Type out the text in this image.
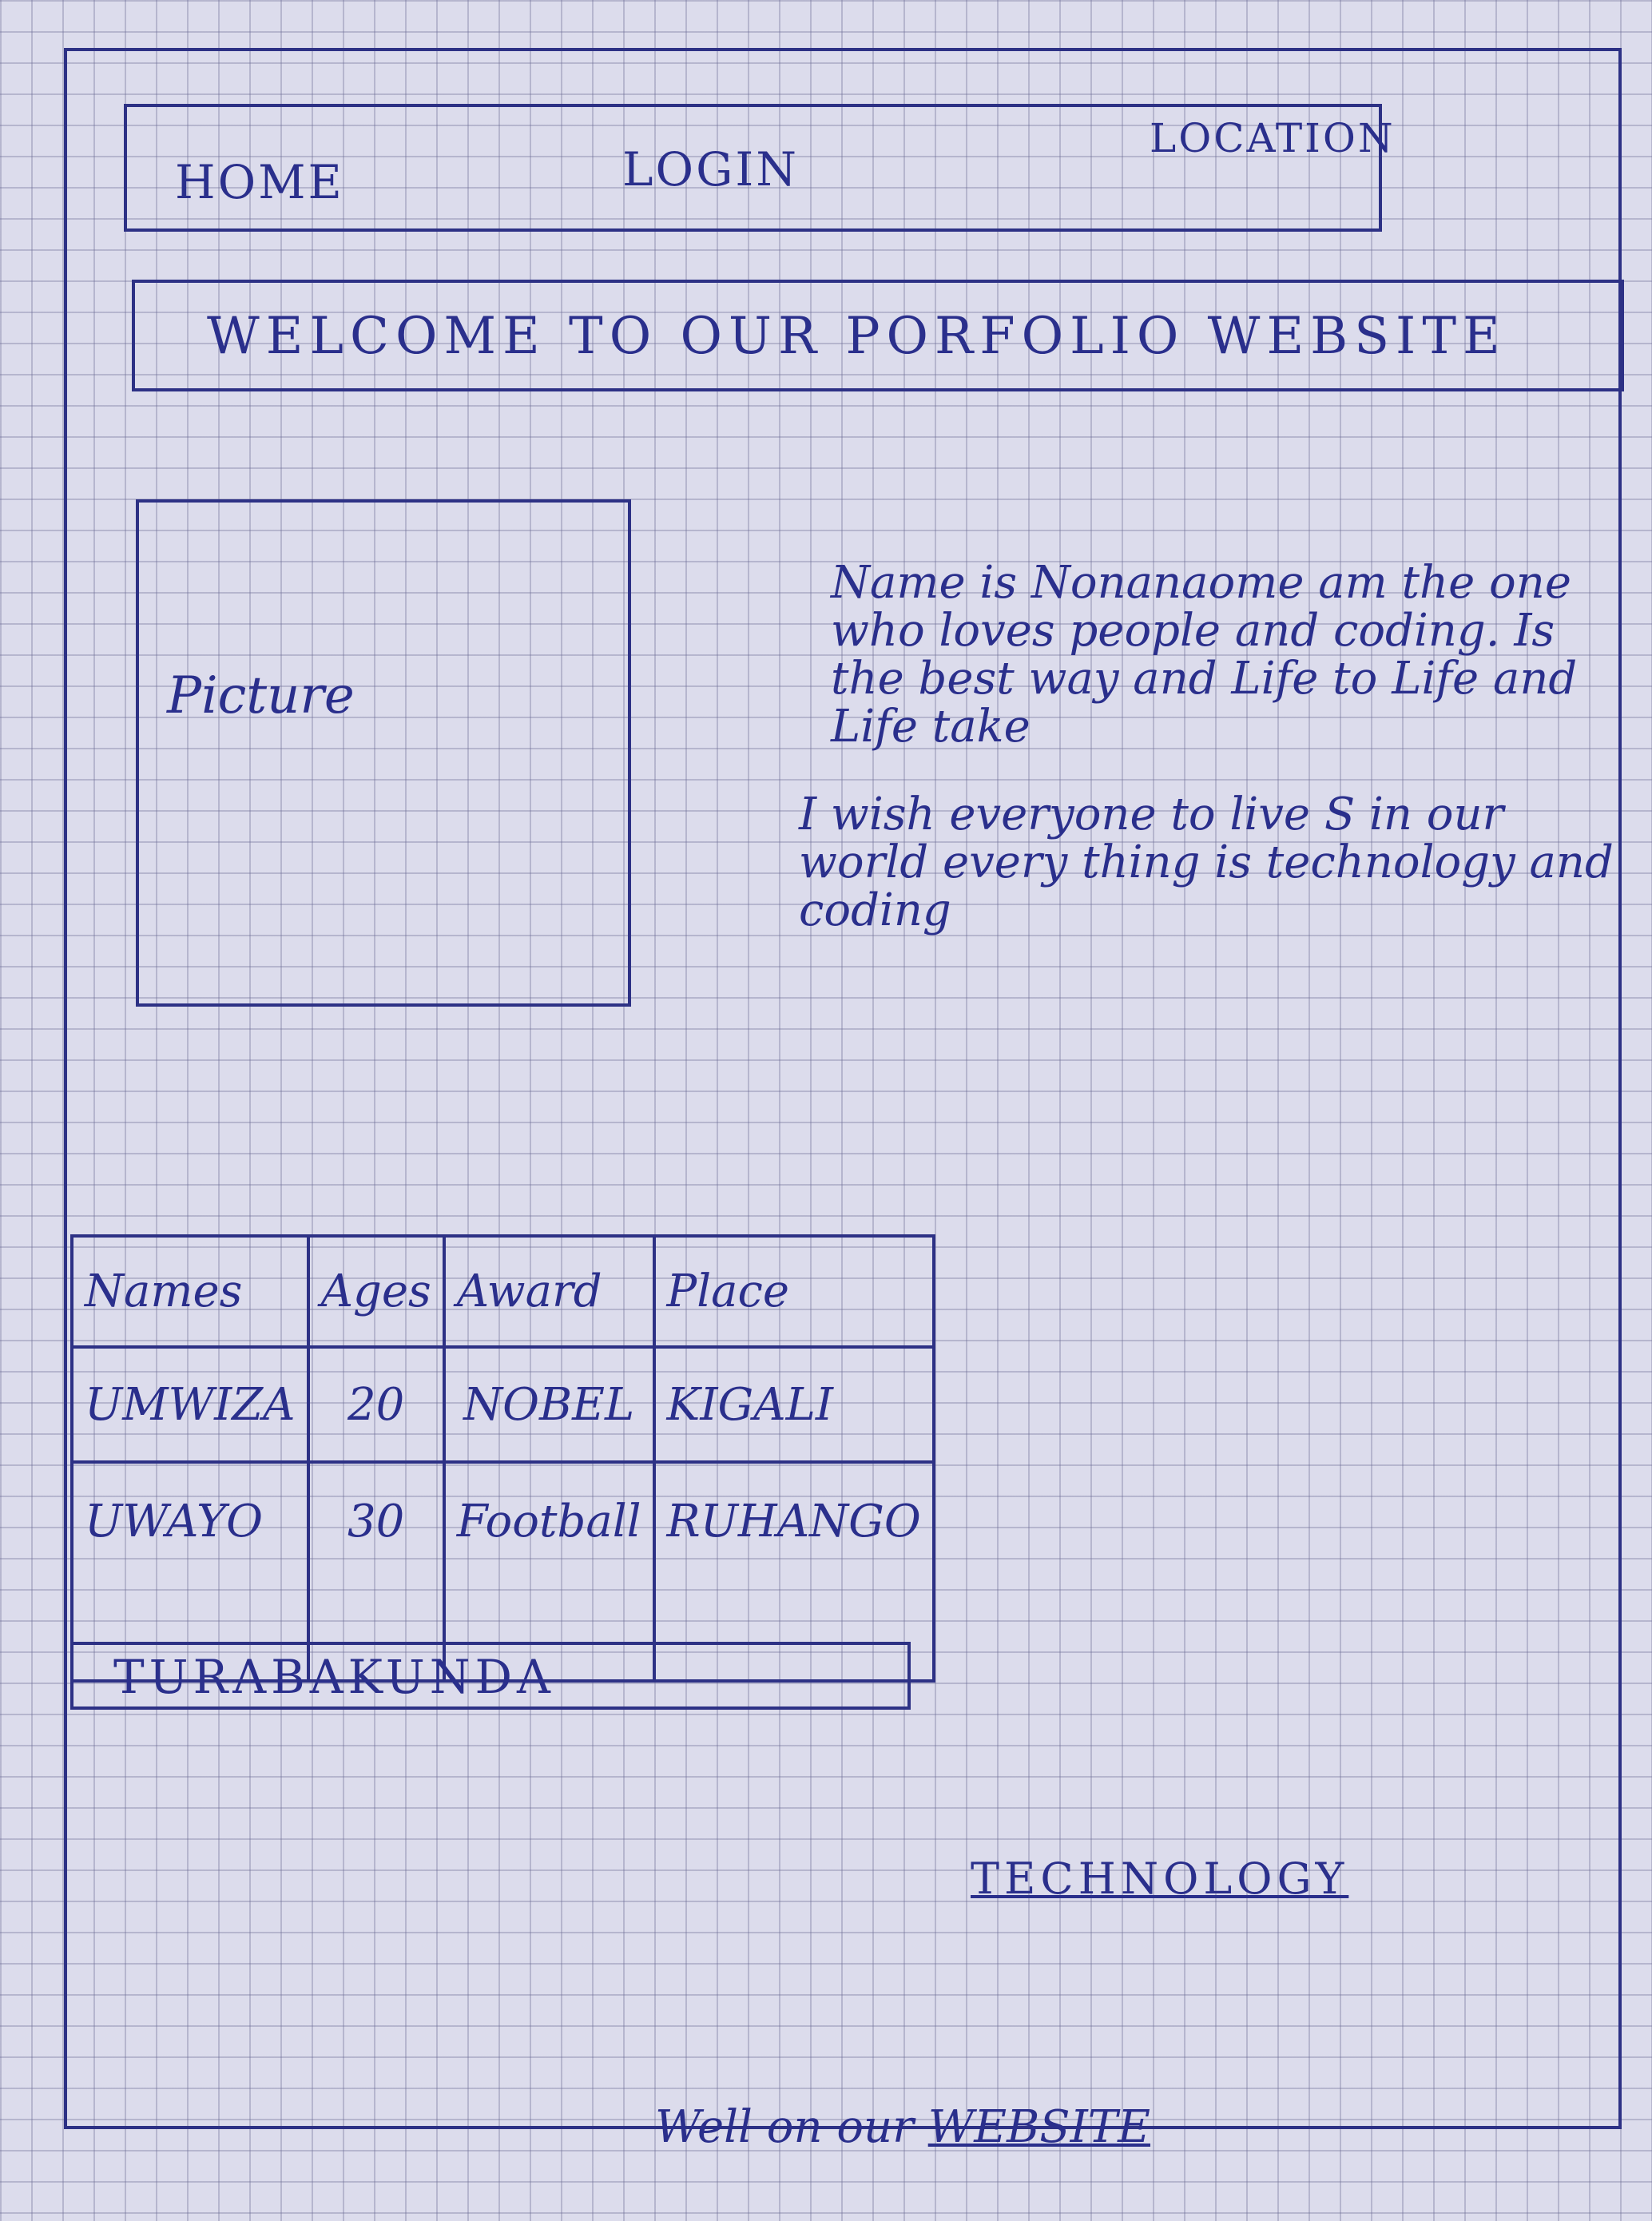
HOME	LOGIN
LOCATION
WELCOME TO OUR PORFOLIO WEBSITE
Picture

Name is Nonanaome am the one who loves people and coding. Is the best way and Life to Life and Life take

I wish everyone to live S in our world every thing is technology and coding

Names	Ages	Award	Place
UMWIZA	20	NOBEL	KIGALI
UWAYO	30	Football	RUHANGO
TURABAKUNDA
TECHNOLOGY
Well on our WEBSITE
